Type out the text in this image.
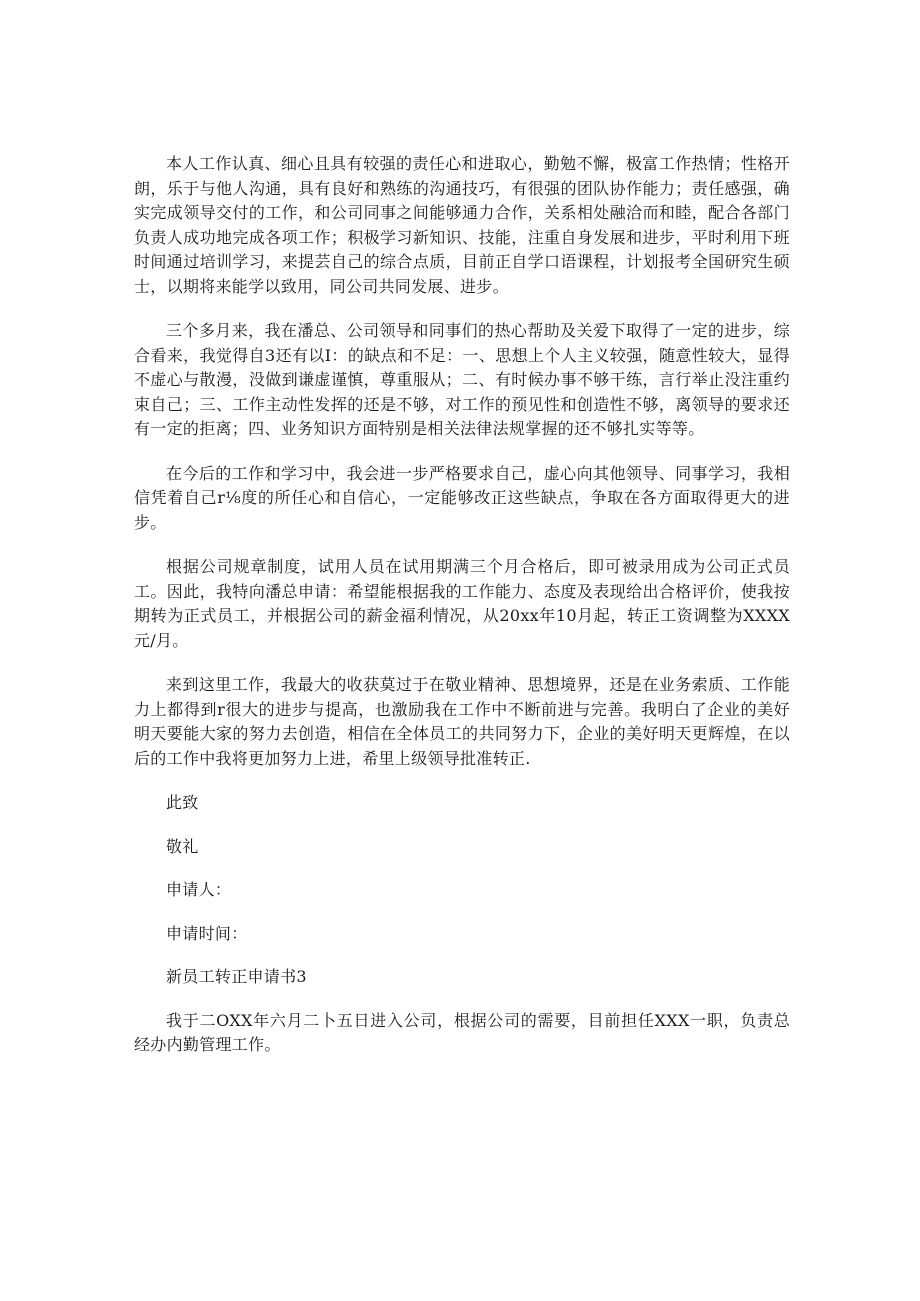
本人工作认真、细心且具有较强的责任心和进取心，勤勉不懈，极富工作热情；性格开朗，乐于与他人沟通，具有良好和熟练的沟通技巧，有很强的团队协作能力；责任感强，确实完成领导交付的工作，和公司同事之间能够通力合作，关系相处融洽而和睦，配合各部门负责人成功地完成各项工作；积极学习新知识、技能，注重自身发展和进步，平时利用下班时间通过培训学习，来提芸自己的综合点质，目前正自学口语课程，计划报考全国研究生硕士，以期将来能学以致用，同公司共同发展、进步。

三个多月来，我在潘总、公司领导和同事们的热心帮助及关爱下取得了一定的进步，综合看来，我觉得自3还有以I：的缺点和不足：一、思想上个人主义较强，随意性较大，显得不虚心与散漫，没做到谦虚谨慎，尊重服从；二、有时候办事不够干练，言行举止没注重约束自己；三、工作主动性发挥的还是不够，对工作的预见性和创造性不够，离领导的要求还有一定的拒离；四、业务知识方面特别是相关法律法规掌握的还不够扎实等等。

在今后的工作和学习中，我会进一步严格要求自己，虚心向其他领导、同事学习，我相信凭着自己r⅛度的所任心和自信心，一定能够改正这些缺点，争取在各方面取得更大的进步。

根据公司规章制度，试用人员在试用期满三个月合格后，即可被录用成为公司正式员工。因此，我特向潘总申请：希望能根据我的工作能力、态度及表现给出合格评价，使我按期转为正式员工，并根据公司的薪金福利情况，从20xx年10月起，转正工资调整为XXXX元/月。

来到这里工作，我最大的收获莫过于在敬业精神、思想境界，还是在业务索质、工作能力上都得到r很大的进步与提高，也激励我在工作中不断前进与完善。我明白了企业的美好明天要能大家的努力去创造，相信在全体员工的共同努力下，企业的美好明天更辉煌，在以后的工作中我将更加努力上进，希里上级领导批准转正.

此致

敬礼

申请人：

申请时间：

新员工转正申请书3

我于二OXX年六月二卜五日进入公司，根据公司的需要，目前担任XXX一职，负责总经办内勤管理工作。
